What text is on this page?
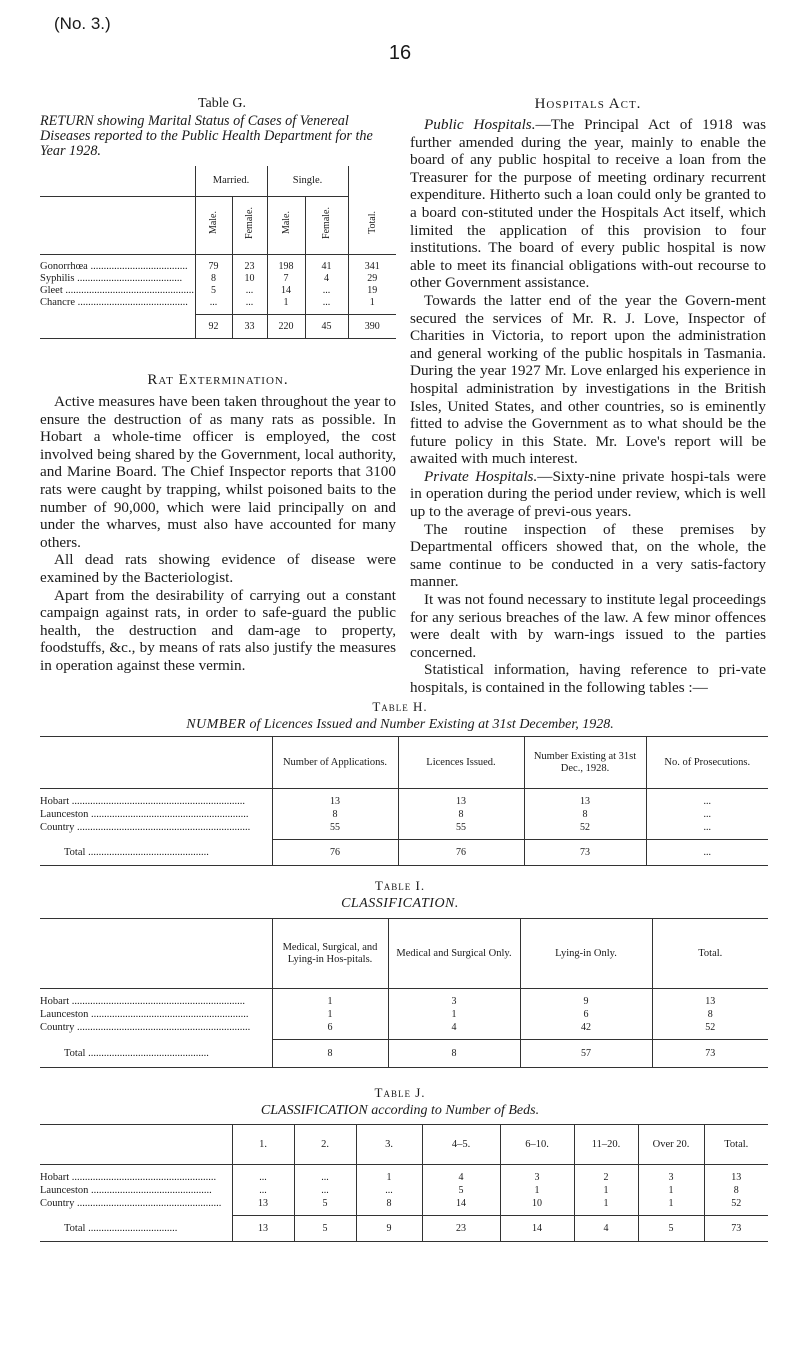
(No. 3.)
16
Table G.
RETURN showing Marital Status of Cases of Venereal Diseases reported to the Public Health Department for the Year 1928.
	Married.		Single.		
	Male.	Female.	Male.	Female.	Total.

Gonorrhœa .....................................	79	23	198	41	341
Syphilis ........................................	8	10	7	4	29
Gleet .................................................	5	...	14	...	19
Chancre ..........................................	...	...	1	...	1

	92	33	220	45	390
Rat Extermination.

Active measures have been taken throughout the year to ensure the destruction of as many rats as possible. In Hobart a whole-time officer is employed, the cost involved being shared by the Government, local authority, and Marine Board. The Chief Inspector reports that 3100 rats were caught by trapping, whilst poisoned baits to the number of 90,000, which were laid principally on and under the wharves, must also have accounted for many others.

All dead rats showing evidence of disease were examined by the Bacteriologist.

Apart from the desirability of carrying out a constant campaign against rats, in order to safe-guard the public health, the destruction and dam-age to property, foodstuffs, &c., by means of rats also justify the measures in operation against these vermin.

Hospitals Act.

Public Hospitals.—The Principal Act of 1918 was further amended during the year, mainly to enable the board of any public hospital to receive a loan from the Treasurer for the purpose of meeting ordinary recurrent expenditure. Hitherto such a loan could only be granted to a board con-stituted under the Hospitals Act itself, which limited the application of this provision to four institutions. The board of every public hospital is now able to meet its financial obligations with-out recourse to other Government assistance.

Towards the latter end of the year the Govern-ment secured the services of Mr. R. J. Love, Inspector of Charities in Victoria, to report upon the administration and general working of the public hospitals in Tasmania. During the year 1927 Mr. Love enlarged his experience in hospital administration by investigations in the British Isles, United States, and other countries, so is eminently fitted to advise the Government as to what should be the future policy in this State. Mr. Love's report will be awaited with much interest.

Private Hospitals.—Sixty-nine private hospi-tals were in operation during the period under review, which is well up to the average of previ-ous years.

The routine inspection of these premises by Departmental officers showed that, on the whole, the same continue to be conducted in a very satis-factory manner.

It was not found necessary to institute legal proceedings for any serious breaches of the law. A few minor offences were dealt with by warn-ings issued to the parties concerned.

Statistical information, having reference to pri-vate hospitals, is contained in the following tables :—

Table H.
NUMBER of Licences Issued and Number Existing at 31st December, 1928.
	Number of Applications.	Licences Issued.	Number Existing at 31st Dec., 1928.	No. of Prosecutions.

Hobart ..................................................................	13	13	13	...
Launceston ............................................................	8	8	8	...
Country ..................................................................	55	55	52	...

Total ..............................................	76	76	73	...
Table I.
CLASSIFICATION.
	Medical, Surgical, and Lying-in Hos-pitals.	Medical and Surgical Only.	Lying-in Only.	Total.

Hobart ..................................................................	1	3	9	13
Launceston ............................................................	1	1	6	8
Country ..................................................................	6	4	42	52

Total ..............................................	8	8	57	73
Table J.
CLASSIFICATION according to Number of Beds.
	1.	2.	3.	4–5.	6–10.	11–20.	Over 20.	Total.

Hobart .......................................................	...	...	1	4	3	2	3	13
Launceston ..............................................	...	...	...	5	1	1	1	8
Country .......................................................	13	5	8	14	10	1	1	52

Total ..................................	13	5	9	23	14	4	5	73
